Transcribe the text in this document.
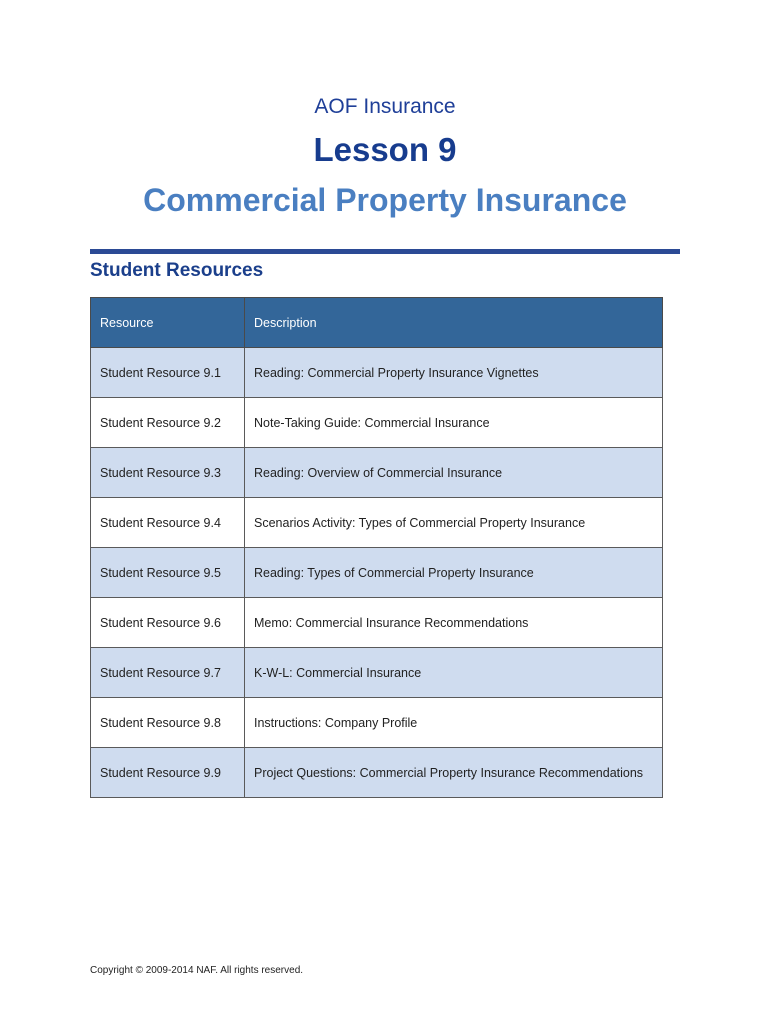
AOF Insurance
Lesson 9
Commercial Property Insurance
Student Resources
Resource	Description
Student Resource 9.1	Reading: Commercial Property Insurance Vignettes
Student Resource 9.2	Note-Taking Guide: Commercial Insurance
Student Resource 9.3	Reading: Overview of Commercial Insurance
Student Resource 9.4	Scenarios Activity: Types of Commercial Property Insurance
Student Resource 9.5	Reading: Types of Commercial Property Insurance
Student Resource 9.6	Memo: Commercial Insurance Recommendations
Student Resource 9.7	K-W-L: Commercial Insurance
Student Resource 9.8	Instructions: Company Profile
Student Resource 9.9	Project Questions: Commercial Property Insurance Recommendations
Copyright © 2009-2014 NAF. All rights reserved.
